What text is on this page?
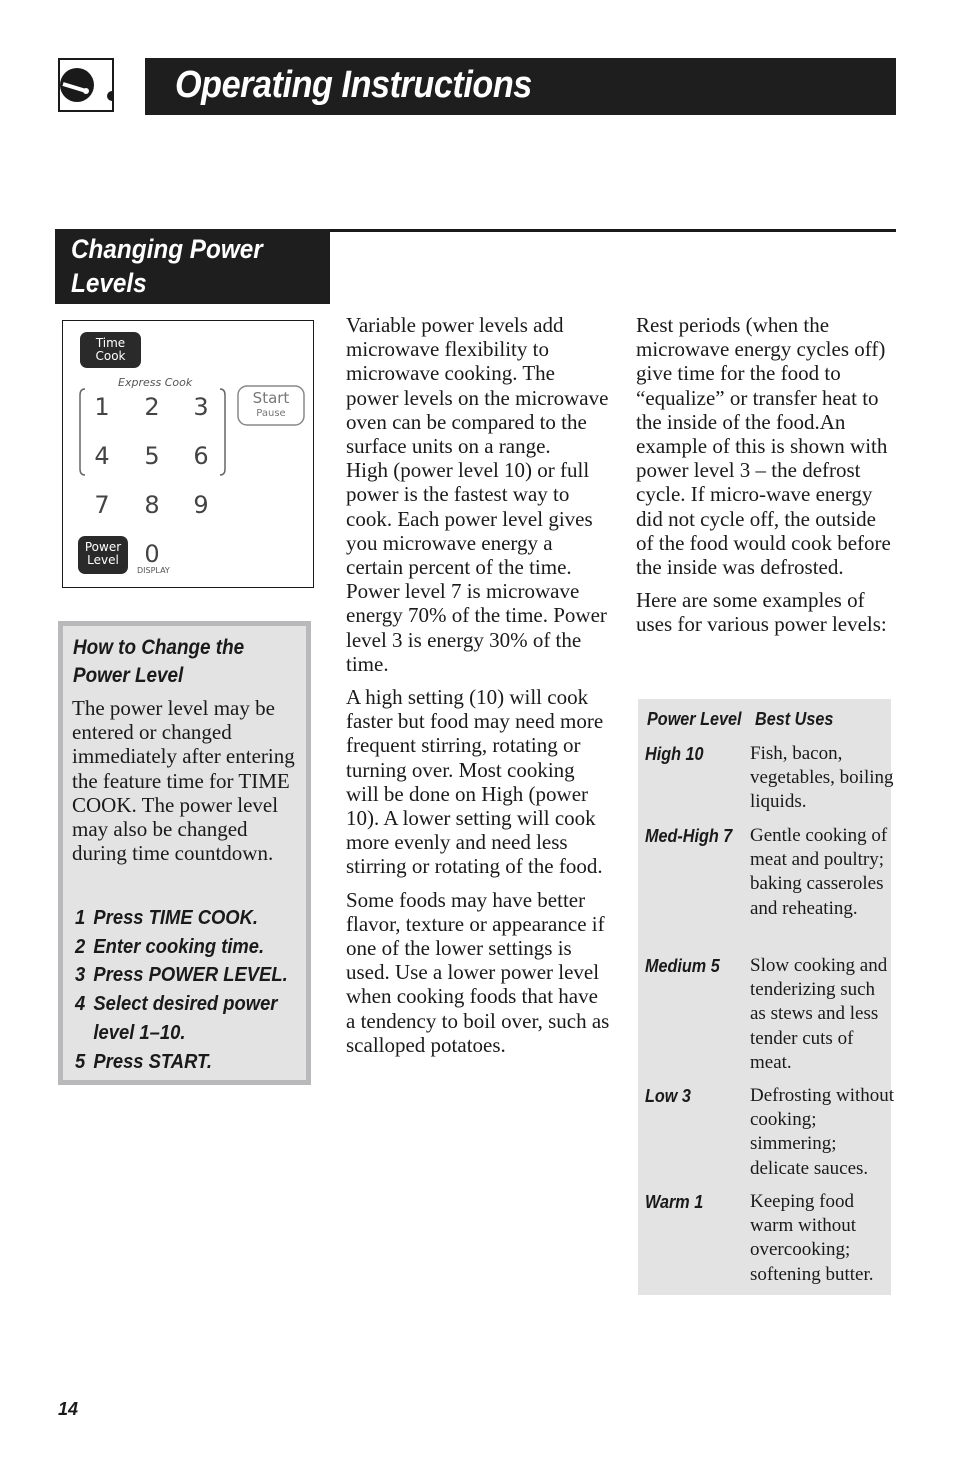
Operating Instructions
Changing Power Levels
Time
Cook
Express Cook
Start
Pause
1 2 3
4 5 6
7 8 9
0
DISPLAY
Power
Level
How to Change the Power Level
The power level may be entered or changed immediately after entering the feature time for TIME COOK. The power level may also be changed during time countdown.
1 Press TIME COOK.
2 Enter cooking time.
3 Press POWER LEVEL.
4 Select desired power level 1–10.
5 Press START.

Variable power levels add microwave flexibility to microwave cooking. The power levels on the microwave oven can be compared to the surface units on a range.

High (power level 10) or full power is the fastest way to cook. Each power level gives you microwave energy a certain percent of the time. Power level 7 is microwave energy 70% of the time. Power level 3 is energy 30% of the time.

A high setting (10) will cook faster but food may need more frequent stirring, rotating or turning over. Most cooking will be done on High (power 10). A lower setting will cook more evenly and need less stirring or rotating of the food.

Some foods may have better flavor, texture or appearance if one of the lower settings is used. Use a lower power level when cooking foods that have a tendency to boil over, such as scalloped potatoes.

Rest periods (when the microwave energy cycles off) give time for the food to “equalize” or transfer heat to the inside of the food.An example of this is shown with power level 3 – the defrost cycle. If micro-wave energy did not cycle off, the outside of the food would cook before the inside was defrosted.

Here are some examples of uses for various power levels:

Power Level Best Uses
High 10 Fish, bacon, vegetables, boiling liquids.
Med-High 7 Gentle cooking of meat and poultry; baking casseroles and reheating.
Medium 5 Slow cooking and tenderizing such as stews and less tender cuts of meat.
Low 3	Defrosting without cooking; simmering; delicate sauces.
Warm 1 Keeping food warm without overcooking; softening butter.
14
